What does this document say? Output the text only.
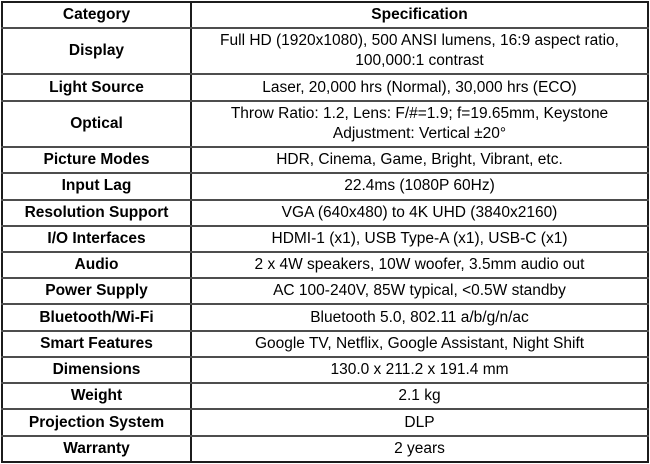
Category	Specification
Display	Full HD (1920x1080), 500 ANSI lumens, 16:9 aspect ratio, 100,000:1 contrast
Light Source	Laser, 20,000 hrs (Normal), 30,000 hrs (ECO)
Optical	Throw Ratio: 1.2, Lens: F/#=1.9; f=19.65mm, Keystone Adjustment: Vertical ±20°
Picture Modes	HDR, Cinema, Game, Bright, Vibrant, etc.
Input Lag	22.4ms (1080P 60Hz)
Resolution Support	VGA (640x480) to 4K UHD (3840x2160)
I/O Interfaces	HDMI-1 (x1), USB Type-A (x1), USB-C (x1)
Audio	2 x 4W speakers, 10W woofer, 3.5mm audio out
Power Supply	AC 100-240V, 85W typical, <0.5W standby
Bluetooth/Wi-Fi	Bluetooth 5.0, 802.11 a/b/g/n/ac
Smart Features	Google TV, Netflix, Google Assistant, Night Shift
Dimensions	130.0 x 211.2 x 191.4 mm
Weight	2.1 kg
Projection System	DLP
Warranty	2 years
